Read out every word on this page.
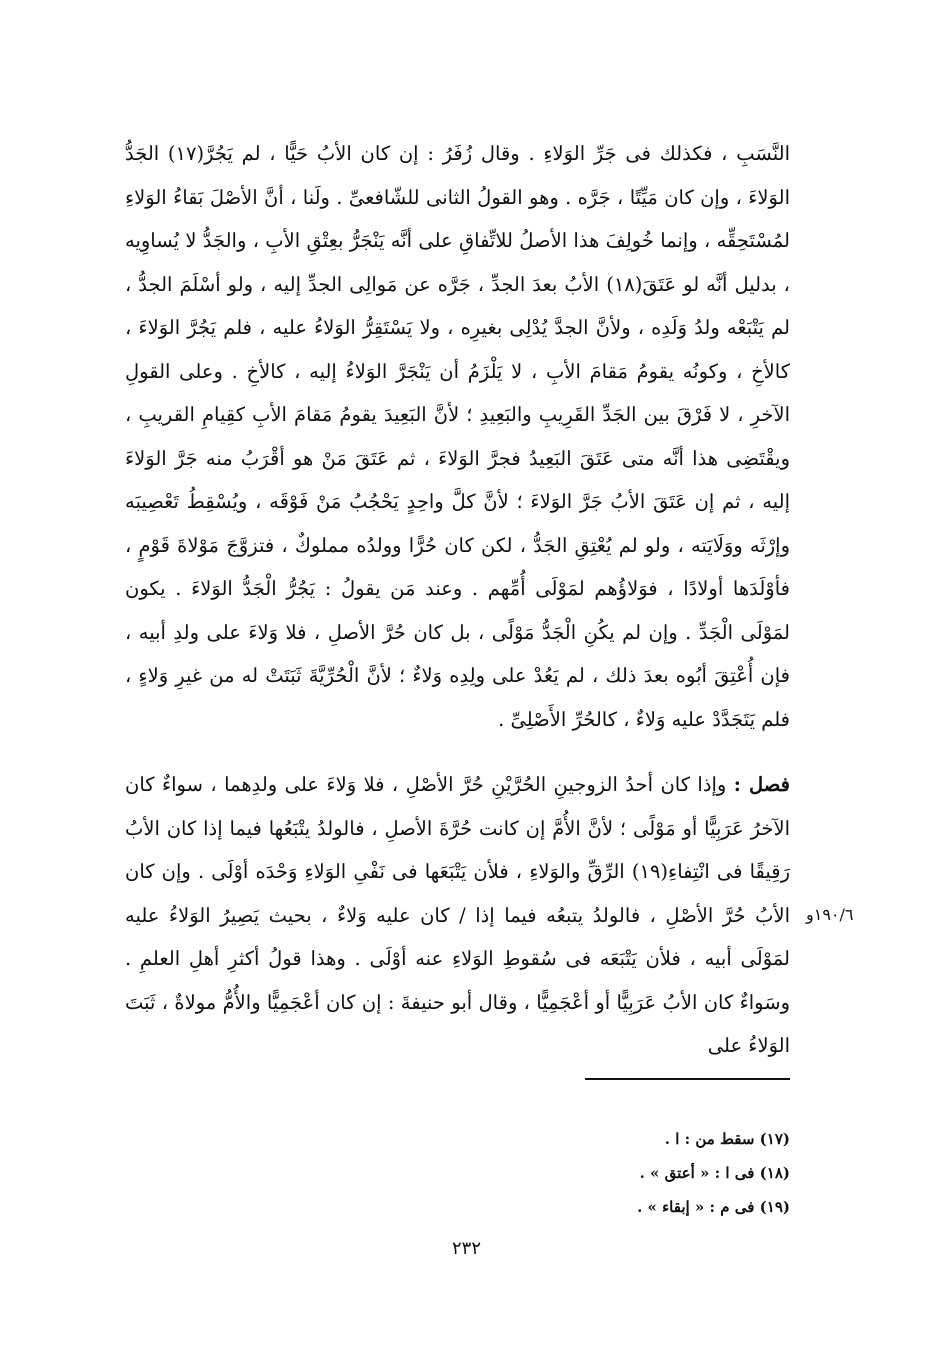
النَّسَبِ ، فكذلك فى جَرِّ الوَلاءِ . وقال زُفَرُ : إن كان الأبُ حَيًّا ، لم يَجُرَّ(١٧) الجَدُّ الوَلاءَ ، وإن كان مَيِّتًا ، جَرَّه . وهو القولُ الثانى للشّافعىِّ . ولَنا ، أنَّ الأصْلَ بَقاءُ الوَلاءِ لمُسْتَحِقِّه ، وإنما خُولِفَ هذا الأصلُ للاتِّفاقِ على أنَّه يَنْجَرُّ بعِتْقِ الأبِ ، والجَدُّ لا يُساوِيه ، بدليل أنَّه لو عَتَقَ(١٨) الأبُ بعدَ الجدِّ ، جَرَّه عن مَوالِى الجدِّ إليه ، ولو أسْلَمَ الجدُّ ، لم يَتْبَعْه ولدُ وَلَدِه ، ولأنَّ الجدَّ يُدْلِى بغيرِه ، ولا يَسْتَقِرُّ الوَلاءُ عليه ، فلم يَجُرَّ الوَلاءَ ، كالأخِ ، وكونُه يقومُ مَقامَ الأبِ ، لا يَلْزَمُ أن يَنْجَرَّ الوَلاءُ إليه ، كالأخِ . وعلى القولِ الآخرِ ، لا فَرْقَ بين الجَدِّ القَرِيبِ والبَعِيدِ ؛ لأنَّ البَعِيدَ يقومُ مَقامَ الأبِ كقِيامِ القريبِ ، ويقْتَضِى هذا أنَّه متى عَتَقَ البَعِيدُ فجرَّ الوَلاءَ ، ثم عَتَقَ مَنْ هو أقْرَبُ منه جَرَّ الوَلاءَ إليه ، ثم إن عَتَقَ الأبُ جَرَّ الوَلاءَ ؛ لأنَّ كلَّ واحِدٍ يَحْجُبُ مَنْ فَوْقَه ، ويُسْقِطُ تَعْصِيبَه وإرْثَه ووَلَايَته ، ولو لم يُعْتِقِ الجَدُّ ، لكن كان حُرًّا وولدُه مملوكٌ ، فتزوَّجَ مَوْلاةَ قَوْمٍ ، فأوْلَدَها أولادًا ، فوَلاؤُهم لمَوْلَى أُمِّهم . وعند مَن يقولُ : يَجُرُّ الْجَدُّ الوَلاءَ . يكون لمَوْلَى الْجَدِّ . وإن لم يكُنِ الْجَدُّ مَوْلًى ، بل كان حُرَّ الأصلِ ، فلا وَلاءَ على ولدِ أبيه ، فإن أُعْتِقَ أبُوه بعدَ ذلك ، لم يَعُدْ على ولِدِه وَلاءٌ ؛ لأنَّ الْحُرِّيَّةَ ثَبَتَتْ له من غيرِ وَلاءٍ ، فلم يَتَجَدَّدْ عليه وَلاءٌ ، كالحُرِّ الأَصْلِىِّ .

فصل : وإذا كان أحدُ الزوجينِ الحُرَّيْنِ حُرَّ الأصْلِ ، فلا وَلاءَ على ولدِهما ، سواءٌ كان الآخرُ عَرَبِيًّا أو مَوْلًى ؛ لأنَّ الأُمَّ إن كانت حُرَّةَ الأصلِ ، فالولدُ يتْبَعُها فيما إذا كان الأبُ رَقِيقًا فى انْتِفاءِ(١٩) الرِّقِّ والوَلاءِ ، فلأن يَتْبَعَها فى نَفْىِ الوَلاءِ وَحْدَه أوْلَى . وإن كان الأبُ حُرَّ الأصْلِ ، فالولدُ يتبعُه فيما إذا / كان عليه وَلاءٌ ، بحيث يَصِيرُ الوَلاءُ عليه لمَوْلَى أبيه ، فلأن يَتْبَعَه فى سُقوطِ الوَلاءِ عنه أوْلَى . وهذا قولُ أكثرِ أهلِ العلمِ . وسَواءٌ كان الأبُ عَرَبِيًّا أو أعْجَمِيًّا ، وقال أبو حنيفةَ : إن كان أعْجَمِيًّا والأُمُّ مولاةٌ ، ثَبَتَ الوَلاءُ على

١٩٠/٦و
(١٧) سقط من : ا .
(١٨) فى ا : « أعتق » .
(١٩) فى م : « إبقاء » .
٢٣٢
